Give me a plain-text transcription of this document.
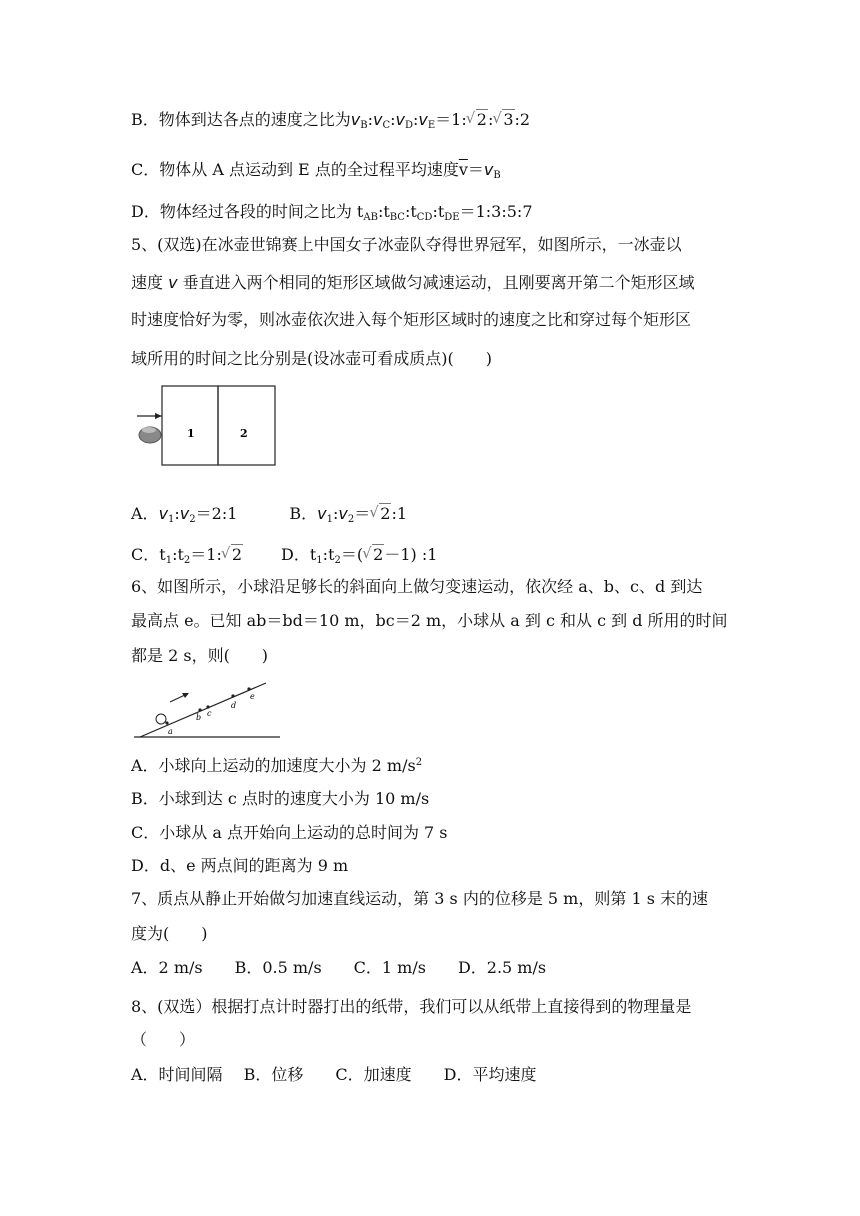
B．物体到达各点的速度之比为$v_B:v_C:v_D:v_E=1$: √ 2: √ 3:2
C．物体从 A 点运动到 E 点的全过程平均速度$\overline{v}=v_B$
D．物体经过各段的时间之比为 $t_{AB}:t_{BC}:t_{CD}:t_{DE}=1:3:5:7$
5、(双选)在冰壶世锦赛上中国女子冰壶队夺得世界冠军，如图所示，一冰壶以
速度 v 垂直进入两个相同的矩形区域做匀减速运动，且刚要离开第二个矩形区域
时速度恰好为零，则冰壶依次进入每个矩形区域时的速度之比和穿过每个矩形区
域所用的时间之比分别是(设冰壶可看成质点)(　　)
1	2
A．$v_1:v_2=2:1$	B．$v_1:v_2=$ √ 2:1
C．$t_1:t_2=1$: √ 2 D．$t_1:t_2=$( √ 2－1) :1
6、如图所示，小球沿足够长的斜面向上做匀变速运动，依次经 a、b、c、d 到达
最高点 e。已知 ab＝bd＝10 m，bc＝2 m，小球从 a 到 c 和从 c 到 d 所用的时间
都是 2 s，则(　　)
a
b c
d
e
A．小球向上运动的加速度大小为 2 $m/s^2$
B．小球到达 c 点时的速度大小为 10 m/s
C．小球从 a 点开始向上运动的总时间为 7 s
D．d、e 两点间的距离为 9 m
7、质点从静止开始做匀加速直线运动，第 3 s 内的位移是 5 m，则第 1 s 末的速
度为(　　)
A．2 m/s　　B．0.5 m/s　　C．1 m/s　　D．2.5 m/s
8、(双选）根据打点计时器打出的纸带，我们可以从纸带上直接得到的物理量是
（　　）
A．时间间隔　 B．位移　　C．加速度　　D．平均速度
